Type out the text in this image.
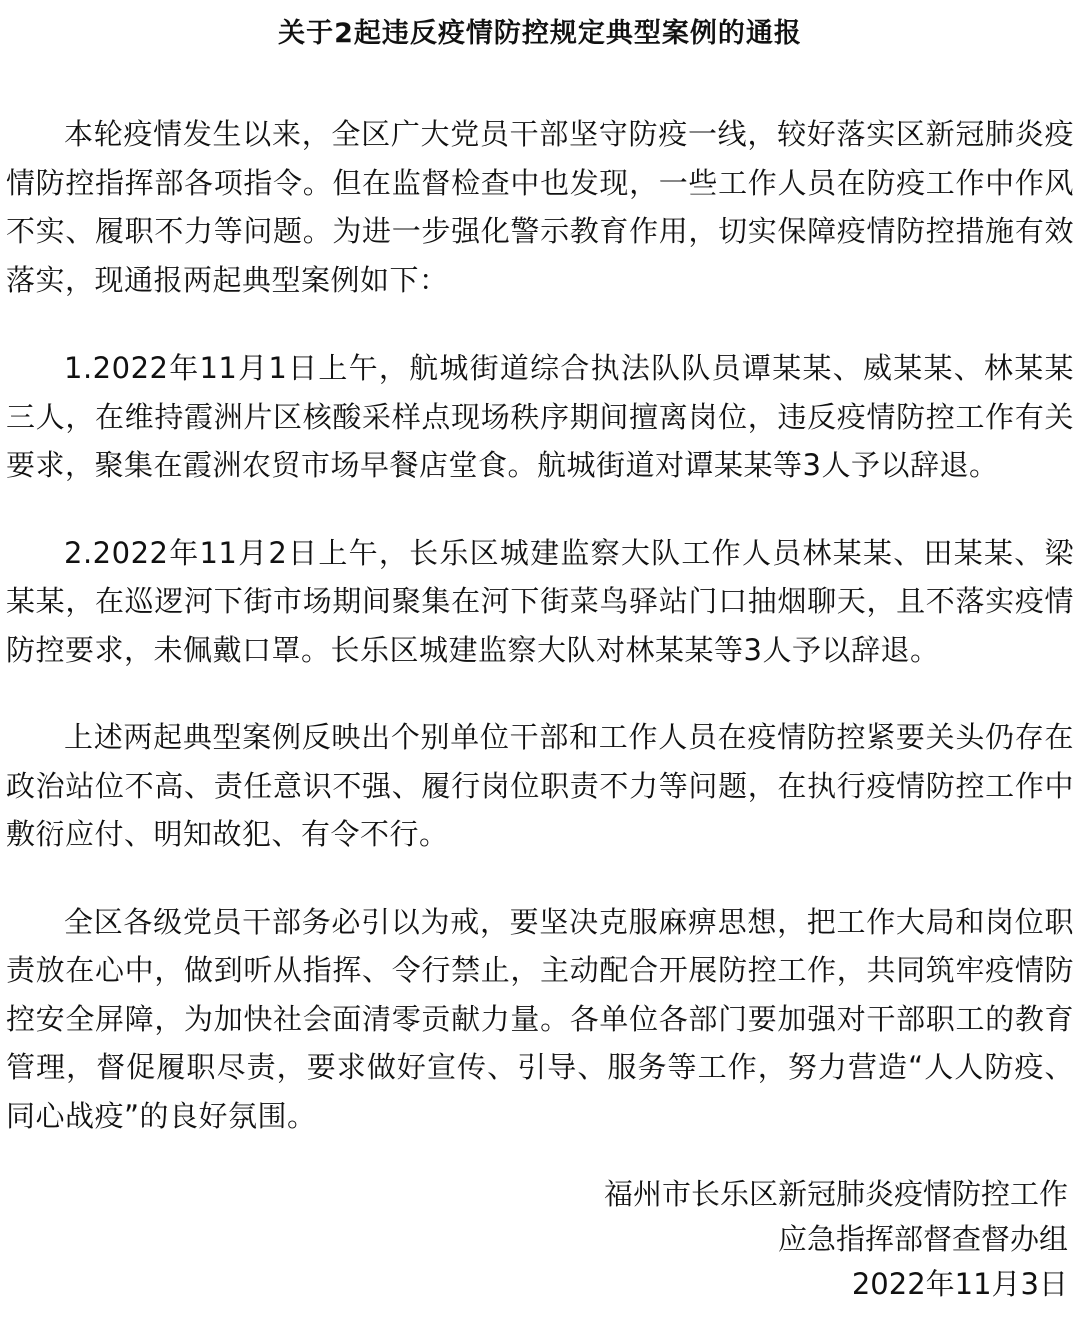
关于2起违反疫情防控规定典型案例的通报

本轮疫情发生以来，全区广大党员干部坚守防疫一线，较好落实区新冠肺炎疫情防控指挥部各项指令。但在监督检查中也发现，一些工作人员在防疫工作中作风不实、履职不力等问题。为进一步强化警示教育作用，切实保障疫情防控措施有效落实，现通报两起典型案例如下：

1.2022年11月1日上午，航城街道综合执法队队员谭某某、威某某、林某某三人，在维持霞洲片区核酸采样点现场秩序期间擅离岗位，违反疫情防控工作有关要求，聚集在霞洲农贸市场早餐店堂食。航城街道对谭某某等3人予以辞退。

2.2022年11月2日上午，长乐区城建监察大队工作人员林某某、田某某、梁某某，在巡逻河下街市场期间聚集在河下街菜鸟驿站门口抽烟聊天，且不落实疫情防控要求，未佩戴口罩。长乐区城建监察大队对林某某等3人予以辞退。

上述两起典型案例反映出个别单位干部和工作人员在疫情防控紧要关头仍存在政治站位不高、责任意识不强、履行岗位职责不力等问题，在执行疫情防控工作中敷衍应付、明知故犯、有令不行。

全区各级党员干部务必引以为戒，要坚决克服麻痹思想，把工作大局和岗位职责放在心中，做到听从指挥、令行禁止，主动配合开展防控工作，共同筑牢疫情防控安全屏障，为加快社会面清零贡献力量。各单位各部门要加强对干部职工的教育管理，督促履职尽责，要求做好宣传、引导、服务等工作，努力营造“人人防疫、同心战疫”的良好氛围。

福州市长乐区新冠肺炎疫情防控工作
应急指挥部督查督办组
2022年11月3日
